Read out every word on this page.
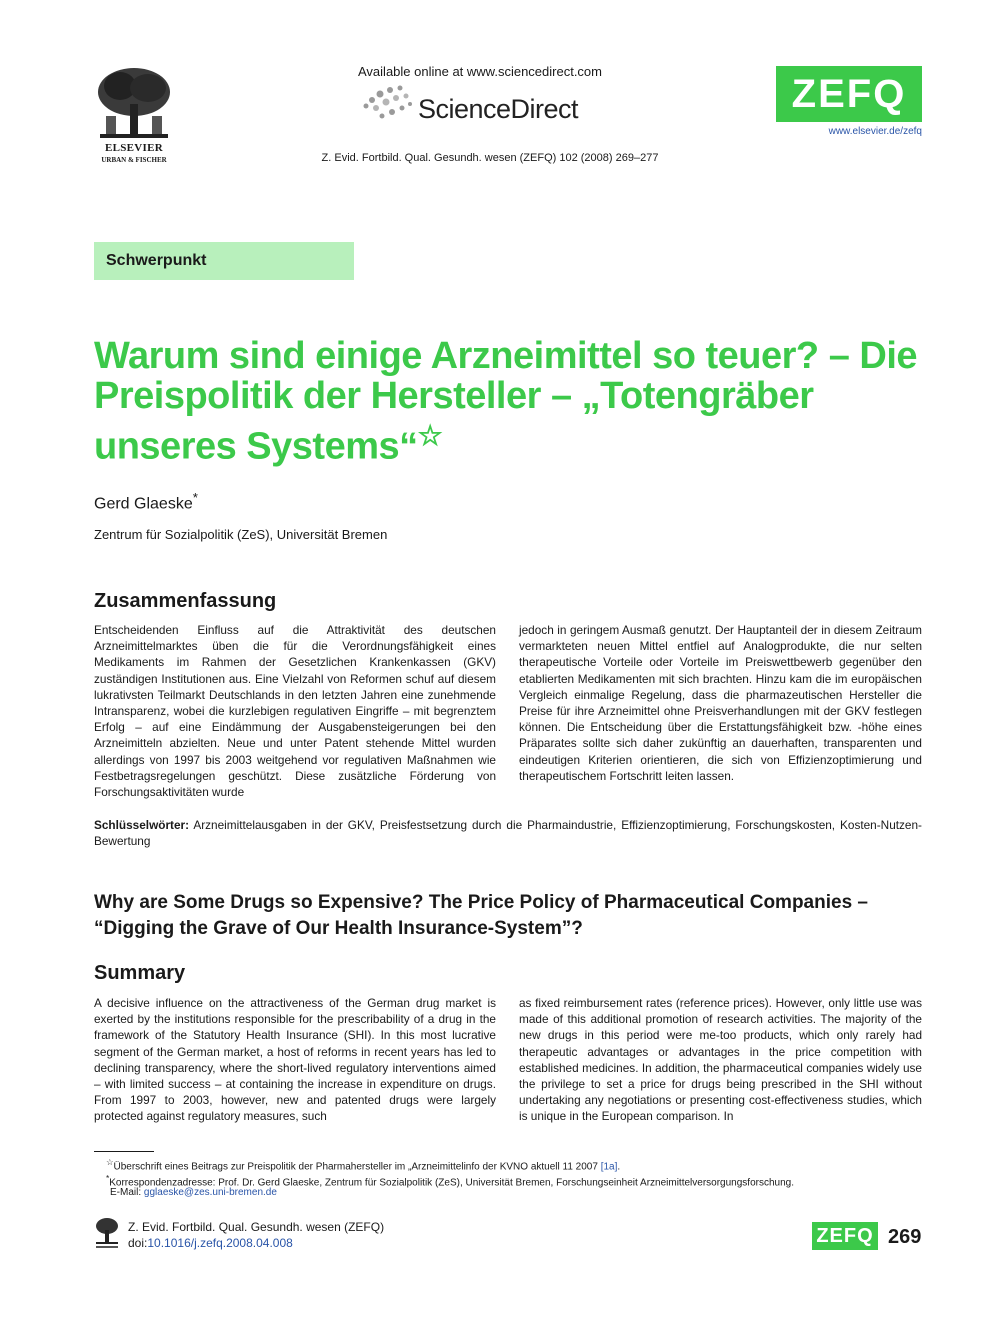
ELSEVIER
URBAN & FISCHER
Available online at www.sciencedirect.com
ScienceDirect
Z. Evid. Fortbild. Qual. Gesundh. wesen (ZEFQ) 102 (2008) 269–277
ZEFQ
www.elsevier.de/zefq
Schwerpunkt
Warum sind einige Arzneimittel so teuer? – Die Preispolitik der Hersteller – „Totengräber unseres Systems“☆
Gerd Glaeske*
Zentrum für Sozialpolitik (ZeS), Universität Bremen
Zusammenfassung
Entscheidenden Einfluss auf die Attraktivität des deutschen Arzneimittelmarktes üben die für die Verordnungsfähigkeit eines Medikaments im Rahmen der Gesetzlichen Krankenkassen (GKV) zuständigen Institutionen aus. Eine Vielzahl von Reformen schuf auf diesem lukrativsten Teilmarkt Deutschlands in den letzten Jahren eine zunehmende Intransparenz, wobei die kurzlebigen regulativen Eingriffe – mit begrenztem Erfolg – auf eine Eindämmung der Ausgabensteigerungen bei den Arzneimitteln abzielten. Neue und unter Patent stehende Mittel wurden allerdings von 1997 bis 2003 weitgehend vor regulativen Maßnahmen wie Festbetragsregelungen geschützt. Diese zusätzliche Förderung von Forschungsaktivitäten wurde
jedoch in geringem Ausmaß genutzt. Der Hauptanteil der in diesem Zeitraum vermarkteten neuen Mittel entfiel auf Analogprodukte, die nur selten therapeutische Vorteile oder Vorteile im Preiswettbewerb gegenüber den etablierten Medikamenten mit sich brachten. Hinzu kam die im europäischen Vergleich einmalige Regelung, dass die pharmazeutischen Hersteller die Preise für ihre Arzneimittel ohne Preisverhandlungen mit der GKV festlegen können. Die Entscheidung über die Erstattungsfähigkeit bzw. -höhe eines Präparates sollte sich daher zukünftig an dauerhaften, transparenten und eindeutigen Kriterien orientieren, die sich von Effizienzoptimierung und therapeutischem Fortschritt leiten lassen.
Schlüsselwörter: Arzneimittelausgaben in der GKV, Preisfestsetzung durch die Pharmaindustrie, Effizienzoptimierung, Forschungskosten, Kosten-Nutzen-Bewertung
Why are Some Drugs so Expensive? The Price Policy of Pharmaceutical Companies – “Digging the Grave of Our Health Insurance-System”?
Summary
A decisive influence on the attractiveness of the German drug market is exerted by the institutions responsible for the prescribability of a drug in the framework of the Statutory Health Insurance (SHI). In this most lucrative segment of the German market, a host of reforms in recent years has led to declining transparency, where the short-lived regulatory interventions aimed – with limited success – at containing the increase in expenditure on drugs. From 1997 to 2003, however, new and patented drugs were largely protected against regulatory measures, such
as fixed reimbursement rates (reference prices). However, only little use was made of this additional promotion of research activities. The majority of the new drugs in this period were me-too products, which only rarely had therapeutic advantages or advantages in the price competition with established medicines. In addition, the pharmaceutical companies widely use the privilege to set a price for drugs being prescribed in the SHI without undertaking any negotiations or presenting cost-effectiveness studies, which is unique in the European comparison. In
☆Überschrift eines Beitrags zur Preispolitik der Pharmahersteller im „Arzneimittelinfo der KVNO aktuell 11 2007 [1a].
*Korrespondenzadresse: Prof. Dr. Gerd Glaeske, Zentrum für Sozialpolitik (ZeS), Universität Bremen, Forschungseinheit Arzneimittelversorgungsforschung.
E-Mail: gglaeske@zes.uni-bremen.de
Z. Evid. Fortbild. Qual. Gesundh. wesen (ZEFQ)
doi:10.1016/j.zefq.2008.04.008	ZEFQ 269
